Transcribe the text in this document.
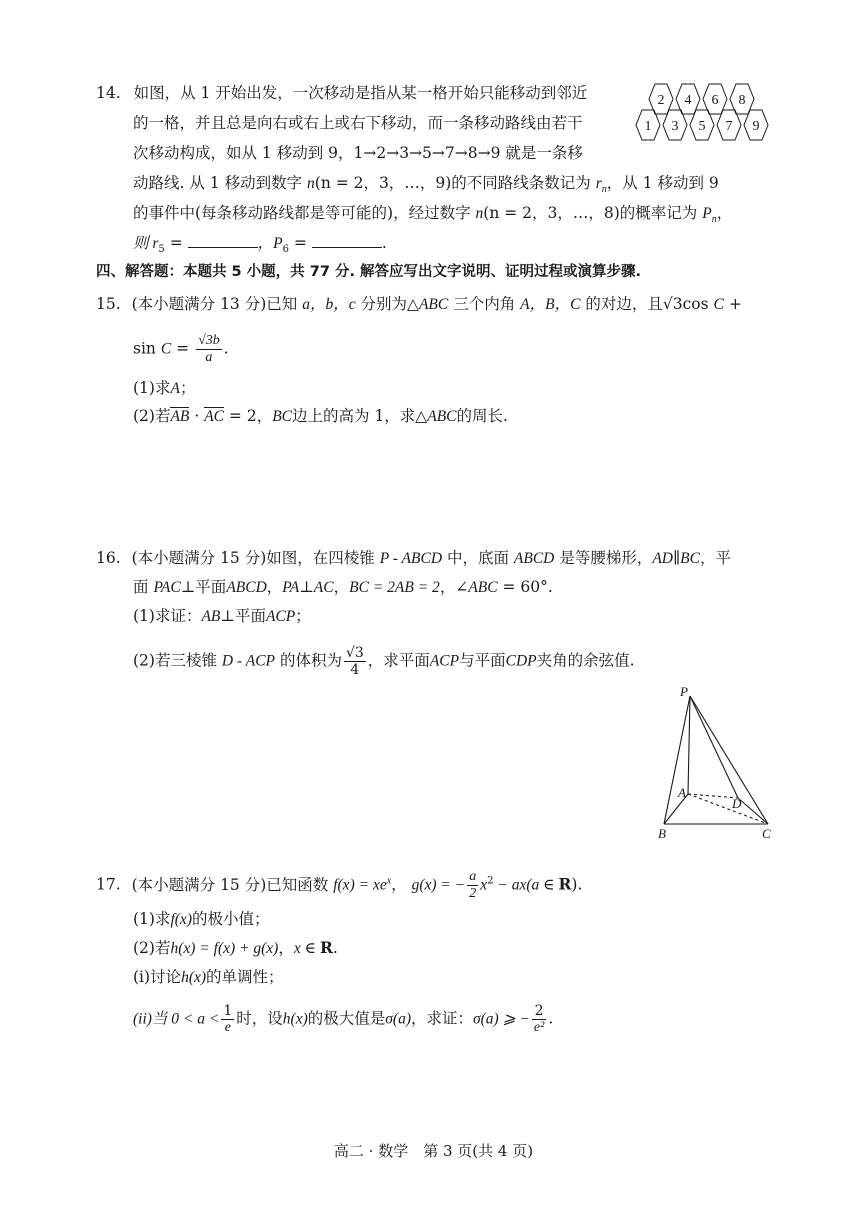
14. 如图，从 1 开始出发，一次移动是指从某一格开始只能移动到邻近
的一格，并且总是向右或右上或右下移动，而一条移动路线由若干
次移动构成，如从 1 移动到 9，1→2→3→5→7→8→9 就是一条移
动路线. 从 1 移动到数字 n(n = 2，3，…，9)的不同路线条数记为 $r_n$，从 1 移动到 9
的事件中(每条移动路线都是等可能的)，经过数字 n(n = 2，3，…，8)的概率记为 $P_n$，
则 $r_5$ =	，$P_6$ =	.
2 4 6 8
1 3 5 7 9
四、解答题：本题共 5 小题，共 77 分. 解答应写出文字说明、证明过程或演算步骤.
15. (本小题满分 13 分)已知 a，b，c 分别为△ABC 三个内角 A，B，C 的对边，且√3cos C +
$\sin C = \frac{√3b}{a}$ .
(1)求A；
(2)若AB · AC = 2，BC边上的高为 1，求△ABC的周长.
16. (本小题满分 15 分)如图，在四棱锥 P - ABCD 中，底面 ABCD 是等腰梯形，AD∥BC，平
面 PAC⊥平面ABCD，PA⊥AC，BC = 2AB = 2，∠ABC = 60°.
(1)求证：AB⊥平面ACP；
(2)若三棱锥 D - ACP 的体积为 $\frac{√3}{4}$ ，求平面ACP与平面CDP夹角的余弦值.
P
A
B	C
D
17. (本小题满分 15 分)已知函数 $f(x) = xe^x$， g(x) = − $\frac{a}{2} x^2 - ax(a$ ∈ R).
(1)求f(x)的极小值；
(2)若h(x) = f(x) + g(x)，x ∈ R.
(i)讨论h(x)的单调性；
(ii)当 $0 < a < \frac{1}{e}$ 时，设h(x)的极大值是σ(a)，求证：σ(a) ⩾ − $\frac{2}{\text{e²}}$ .
高二 · 数学　第 3 页(共 4 页)
